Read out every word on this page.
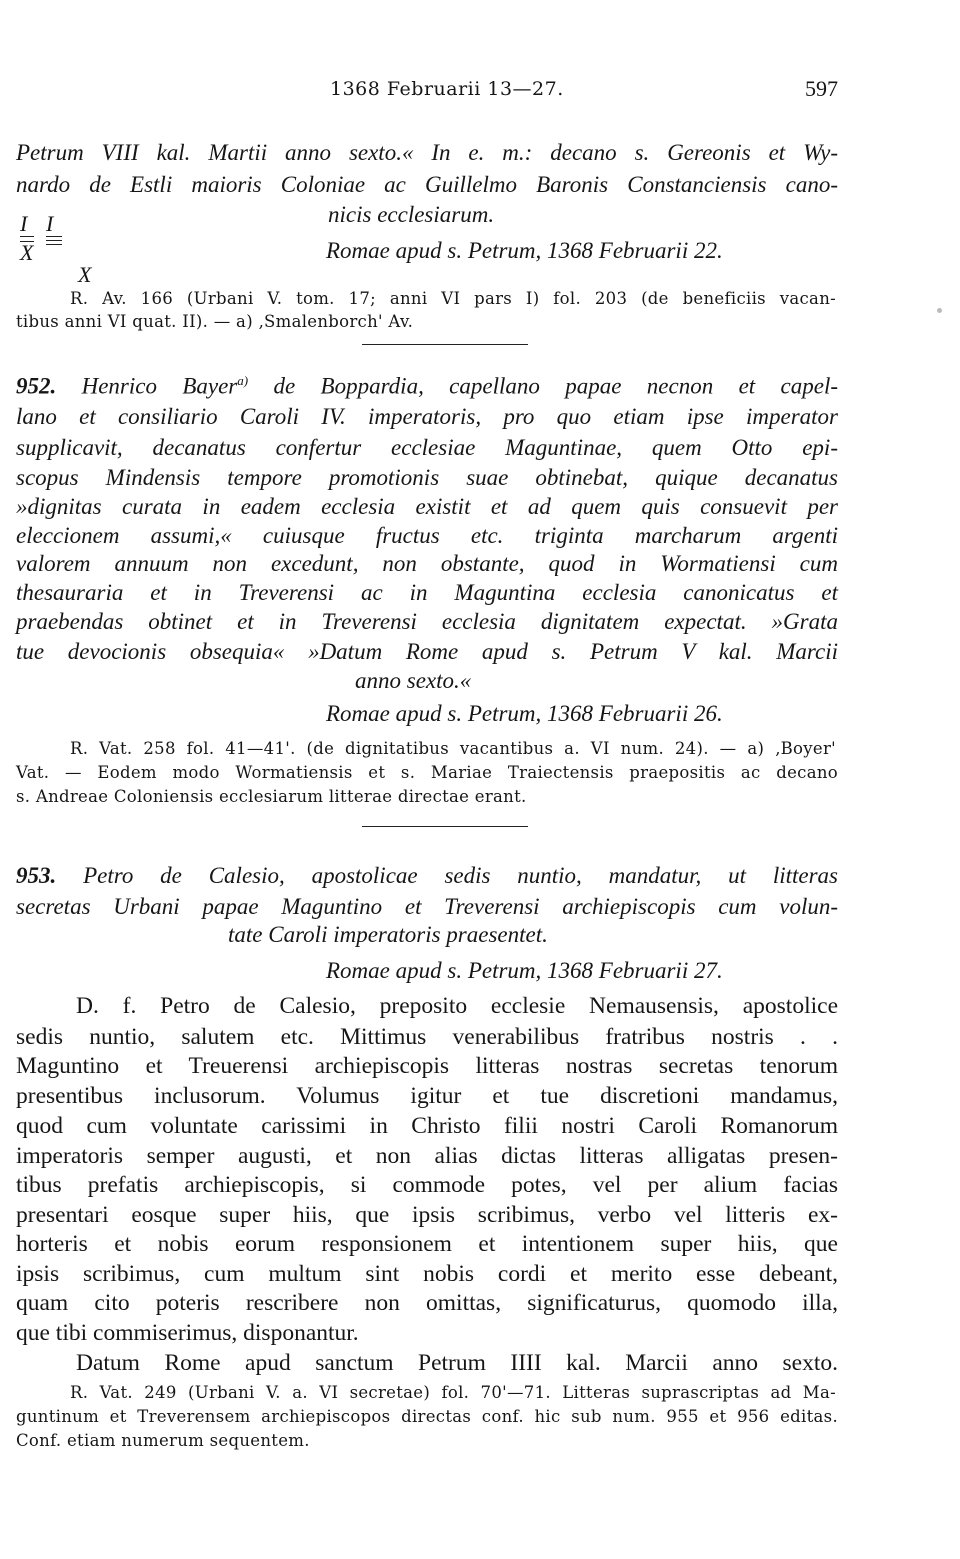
1368 Februarii 13—27.	597
Petrum VIII kal. Martii anno sexto.« In e. m.: decano s. Gereonis et Wy-
nardo de Estli maioris Coloniae ac Guillelmo Baronis Constanciensis cano-
nicis ecclesiarum.
I I
X
X
Romae apud s. Petrum, 1368 Februarii 22.
R. Av. 166 (Urbani V. tom. 17; anni VI pars I) fol. 203 (de beneficiis vacan-
tibus anni VI quat. II). — a) ‚Smalenborch' Av.
952. Henrico Bayer$^{a)}$ de Boppardia, capellano papae necnon et capel-
lano et consiliario Caroli IV. imperatoris, pro quo etiam ipse imperator
supplicavit, decanatus confertur ecclesiae Maguntinae, quem Otto epi-
scopus Mindensis tempore promotionis suae obtinebat, quique decanatus
»dignitas curata in eadem ecclesia existit et ad quem quis consuevit per
eleccionem assumi,« cuiusque fructus etc. triginta marcharum argenti
valorem annuum non excedunt, non obstante, quod in Wormatiensi cum
thesauraria et in Treverensi ac in Maguntina ecclesia canonicatus et
praebendas obtinet et in Treverensi ecclesia dignitatem expectat. »Grata
tue devocionis obsequia« »Datum Rome apud s. Petrum V kal. Marcii
anno sexto.«
Romae apud s. Petrum, 1368 Februarii 26.
R. Vat. 258 fol. 41—41'. (de dignitatibus vacantibus a. VI num. 24). — a) ‚Boyer'
Vat. — Eodem modo Wormatiensis et s. Mariae Traiectensis praepositis ac decano
s. Andreae Coloniensis ecclesiarum litterae directae erant.
953. Petro de Calesio, apostolicae sedis nuntio, mandatur, ut litteras
secretas Urbani papae Maguntino et Treverensi archiepiscopis cum volun-
tate Caroli imperatoris praesentet.
Romae apud s. Petrum, 1368 Februarii 27.
D. f. Petro de Calesio, preposito ecclesie Nemausensis, apostolice
sedis nuntio, salutem etc. Mittimus venerabilibus fratribus nostris . .
Maguntino et Treuerensi archiepiscopis litteras nostras secretas tenorum
presentibus inclusorum. Volumus igitur et tue discretioni mandamus,
quod cum voluntate carissimi in Christo filii nostri Caroli Romanorum
imperatoris semper augusti, et non alias dictas litteras alligatas presen-
tibus prefatis archiepiscopis, si commode potes, vel per alium facias
presentari eosque super hiis, que ipsis scribimus, verbo vel litteris ex-
horteris et nobis eorum responsionem et intentionem super hiis, que
ipsis scribimus, cum multum sint nobis cordi et merito esse debeant,
quam cito poteris rescribere non omittas, significaturus, quomodo illa,
que tibi commiserimus, disponantur.
Datum Rome apud sanctum Petrum IIII kal. Marcii anno sexto.
R. Vat. 249 (Urbani V. a. VI secretae) fol. 70'—71. Litteras suprascriptas ad Ma-
guntinum et Treverensem archiepiscopos directas conf. hic sub num. 955 et 956 editas.
Conf. etiam numerum sequentem.
